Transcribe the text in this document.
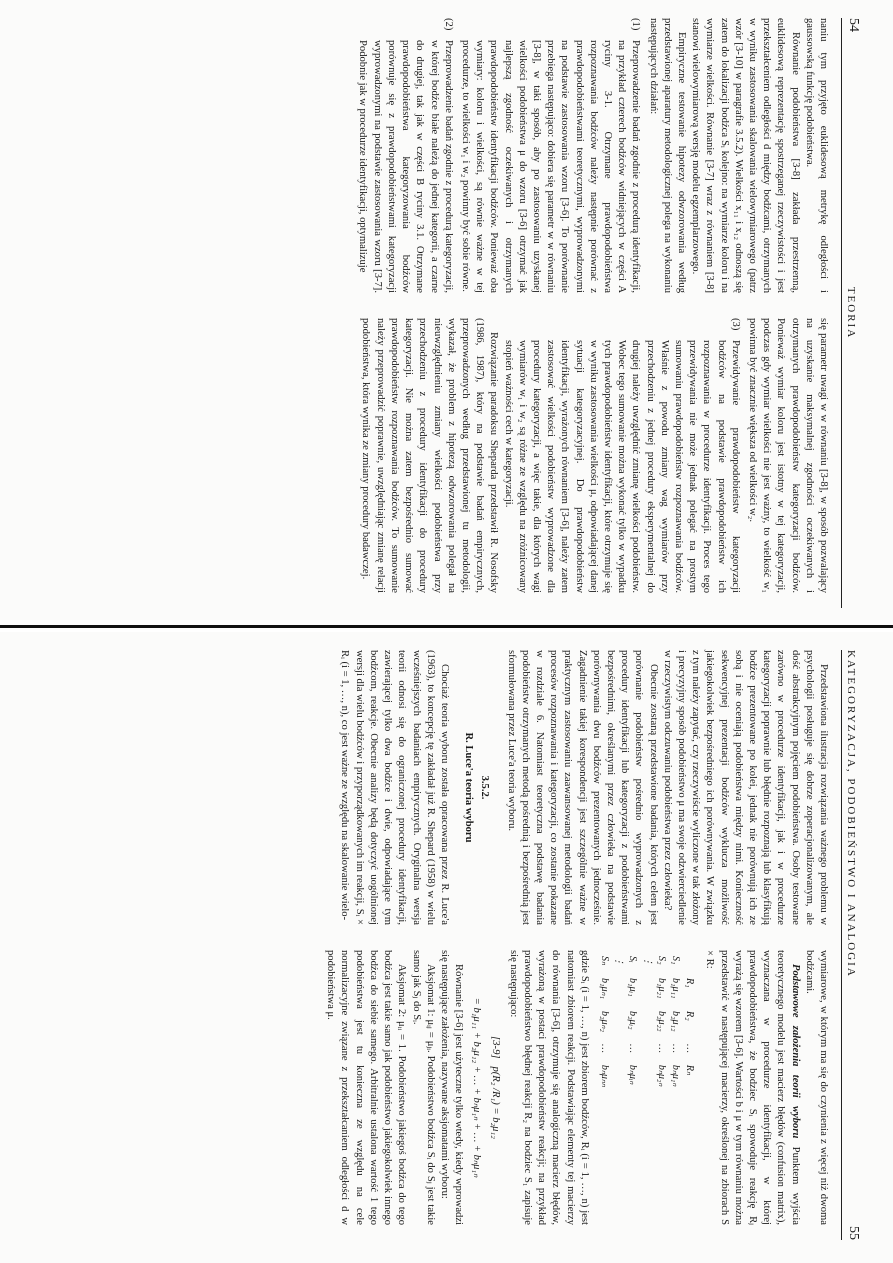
54
TEORIA

naniu tym przyjęto euklidesową metrykę odległości i gaussowską funkcję podobieństwa.

Równanie podobieństwa [3-8] zakłada przestrzenną, euklidesową reprezentację spostrzeganej rzeczywistości i jest przekształceniem odległości d między bodźcami, otrzymanych w wyniku zastosowania skalowania wielowymiarowego (patrz wzór [3-10] w paragrafie 3.5.2). Wielkości x₁₁ i x₁₂ odnoszą się zatem do lokalizacji bodźca Sᵢ kolejno: na wymiarze koloru i na wymiarze wielkości. Równanie [3-7] wraz z równaniem [3-8] stanowi wielowymiarową wersję modelu egzemplarzowego.

Empiryczne testowanie hipotezy odwzorowania według przedstawionej aparatury metodologicznej polega na wykonaniu następujących działań:

(1)
Przeprowadzenie badań zgodnie z procedurą identyfikacji, na przykład czterech bodźców widniejących w części A ryciny 3-1. Otrzymane prawdopodobieństwa rozpoznawania bodźców należy następnie porównać z prawdopodobieństwami teoretycznymi, wyprowadzonymi na podstawie zastosowania wzoru [3-6]. To porównanie przebiega następująco: dobiera się parametr w w równaniu [3-8], w taki sposób, aby po zastosowaniu uzyskanej wielkości podobieństwa μ do wzoru [3-6] otrzymać jak najlepszą zgodność oczekiwanych i otrzymanych prawdopodobieństw identyfikacji bodźców. Ponieważ oba wymiary: koloru i wielkości, są równie ważne w tej procedurze, to wielkości w₁ i w₂ powinny być sobie równe.
(2)
Przeprowadzenie badań zgodnie z procedurą kategoryzacji, w której bodźce białe należą do jednej kategorii, a czarne do drugiej, tak jak w części B ryciny 3.1. Otrzymane prawdopodobieństwa kategoryzowania bodźców porównuje się z prawdopodobieństwami kategoryzacji wyprowadzonymi na podstawie zastosowania wzoru [3-7]. Podobnie jak w procedurze identyfikacji, optymalizuje

się parametr uwagi w w równaniu [3-8], w sposób pozwalający na uzyskanie maksymalnej zgodności oczekiwanych i otrzymanych prawdopodobieństw kategoryzacji bodźców. Ponieważ wymiar koloru jest istotny w tej kategoryzacji, podczas gdy wymiar wielkości nie jest ważny, to wielkość w₁ powinna być znacznie większa od wielkości w₂.

(3)
Przewidywanie prawdopodobieństw kategoryzacji bodźców na podstawie prawdopodobieństw ich rozpoznawania w procedurze identyfikacji. Proces tego przewidywania nie może jednak polegać na prostym sumowaniu prawdopodobieństw rozpoznawania bodźców. Właśnie z powodu zmiany wag wymiarów przy przechodzeniu z jednej procedury eksperymentalnej do drugiej należy uwzględnić zmianę wielkości podobieństw. Wobec tego sumowanie można wykonać tylko w wypadku tych prawdopodobieństw identyfikacji, które otrzymuje się w wyniku zastosowania wielkości μ, odpowiadającej danej sytuacji kategoryzacyjnej. Do prawdopodobieństw identyfikacji, wyrażonych równaniem [3-6], należy zatem zastosować wielkości podobieństw wyprowadzone dla procedury kategoryzacji, a więc takie, dla których wagi wymiarów w₁ i w₂ są różne ze względu na zróżnicowany stopień ważności cech w kategoryzacji.

Rozwiązanie paradoksu Sheparda przedstawił R. Nosofsky (1986, 1987), który na podstawie badań empirycznych, przeprowadzonych według przedstawionej tu metodologii, wykazał, że problem z hipotezą odwzorowania polegał na nieuwzględnieniu zmiany wielkości podobieństwa przy przechodzeniu z procedury identyfikacji do procedury kategoryzacji. Nie można zatem bezpośrednio sumować prawdopodobieństw rozpoznawania bodźców. To sumowanie należy przeprowadzić poprawnie, uwzględniając zmianę relacji podobieństwa, która wynika ze zmiany procedury badawczej.

KATEGORYZACJA, PODOBIEŃSTWO I ANALOGIA
55

Przedstawiona ilustracja rozwiązania ważnego problemu w psychologii posługuje się dobrze zoperacjonalizowanym, ale dość abstrakcyjnym pojęciem podobieństwa. Osoby testowane zarówno w procedurze identyfikacji, jak i w procedurze kategoryzacji poprawnie lub błędnie rozpoznają lub klasyfikują bodźce prezentowane po kolei, jednak nie porównują ich ze sobą i nie oceniają podobieństwa między nimi. Konieczność sekwencyjnej prezentacji bodźców wyklucza możliwość jakiegokolwiek bezpośredniego ich porównywania. W związku z tym należy zapytać, czy rzeczywiście wyliczone w tak złożony i precyzyjny sposób podobieństwo μ ma swoje odzwierciedlenie w rzeczywistym odczuwaniu podobieństwa przez człowieka?

Obecnie zostaną przedstawione badania, których celem jest porównanie podobieństw pośrednio wyprowadzonych z procedury identyfikacji lub kategoryzacji z podobieństwami bezpośrednimi, określanymi przez człowieka na podstawie porównywania dwu bodźców prezentowanych jednocześnie. Zagadnienie takiej korespondencji jest szczególnie ważne w praktycznym zastosowaniu zaawansowanej metodologii badań procesów rozpoznawania i kategoryzacji, co zostanie pokazane w rozdziale 6. Natomiast teoretyczna podstawę badania podobieństw otrzymanych metodą pośrednią i bezpośrednią jest sformułowana przez Luce'a teoria wyboru.

3.5.2.
R. Luce'a teoria wyboru

Chociaż teoria wyboru została opracowana przez R. Luce'a (1963), to koncepcję tę zakładał już R. Shepard (1958) w wielu wcześniejszych badaniach empirycznych. Oryginalna wersja teorii odnosi się do ograniczonej procedury identyfikacji, zawierającej tylko dwa bodźce i dwie, odpowiadające tym bodźcom, reakcje. Obecnie analizy będą dotyczyć uogólnionej wersji dla wielu bodźców i przyporządkowanych im reakcji, Sᵢ × Rᵢ (i = 1, …, n), co jest ważne ze względu na skalowanie wielo-

wymiarowe, w którym ma się do czynienia z więcej niż dwoma bodźcami.

Podstawowe założenia teorii wyboru Punktem wyjścia teoretycznego modelu jest macierz błędów (confusion matrix), wyznaczana w procedurze identyfikacji, w której prawdopodobieństwa, że bodziec Sᵢ spowoduje reakcję Rⱼ wyrażą się wzorem [3-6]. Wartości b i μ w tym równaniu można przedstawić w następującej macierzy, określonej na zbiorach S × R:

	R₁	R₂	…	Rₙ
S₁	b₁μ₁₁	b₂μ₁₂	…	bₙμ₁ₙ
S₂	b₁μ₂₁	b₂μ₂₂	…	bₙμ₂ₙ
⋮				
Sᵢ	b₁μᵢ₁	b₂μᵢ₂	…	bₙμᵢₙ
⋮				
Sₙ	b₁μₙ₁	b₂μₙ₂	…	bₙμₙₙ

gdzie Sᵢ (i = 1, …, n) jest zbiorem bodźców, Rᵢ (i = 1, …, n) jest natomiast zbiorem reakcji. Podstawiając elementy tej macierzy do równania [3-6], otrzymuje się analogiczną macierz błędów, wyrażoną w postaci prawdopodobieństw reakcji; na przykład prawdopodobieństwo błędnej reakcji R₂ na bodziec S₁ zapisuje się następująco:

[3-9]   p(R₂ /R₁) = b₂μ₁₂
= b₁μ₁₁ + b₂μ₁₂ + … + bₙμ₁ₙ + … + bₙμ₁ₙ

Równanie [3-6] jest użyteczne tylko wtedy, kiedy wprowadzi się następujące założenia, nazywane aksjomatami wyboru:

Aksjomat 1: μᵢⱼ = μⱼᵢ. Podobieństwo bodźca Sᵢ do Sⱼ jest takie samo jak Sⱼ do Sᵢ.

Aksjomat 2: μᵢᵢ = 1. Podobieństwo jakiegoś bodźca do tego bodźca jest takie samo jak podobieństwo jakiegokolwiek innego bodźca do siebie samego. Arbitralnie ustalona wartość 1 tego podobieństwa jest tu konieczna ze względu na cele normalizacyjne związane z przekształcaniem odległości d w podobieństwa μ.
